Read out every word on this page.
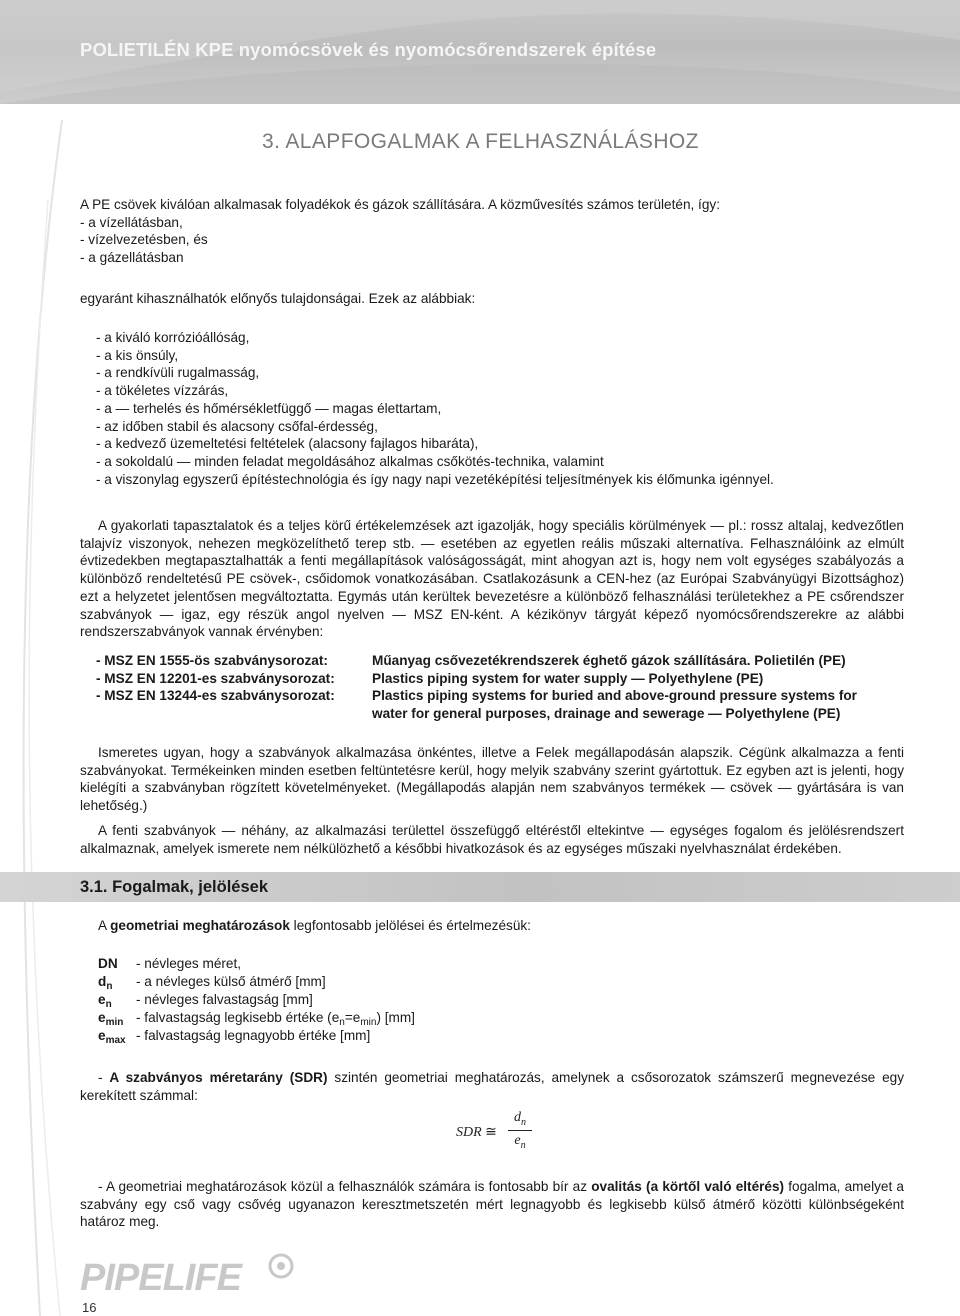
POLIETILÉN KPE nyomócsövek és nyomócsőrendszerek építése
3. ALAPFOGALMAK A FELHASZNÁLÁSHOZ
A PE csövek kiválóan alkalmasak folyadékok és gázok szállítására. A közművesítés számos területén, így:
- a vízellátásban,
- vízelvezetésben, és
- a gázellátásban
egyaránt kihasználhatók előnyős tulajdonságai. Ezek az alábbiak:
- a kiváló korrózióállóság,
- a kis önsúly,
- a rendkívüli rugalmasság,
- a tökéletes vízzárás,
- a — terhelés és hőmérsékletfüggő — magas élettartam,
- az időben stabil és alacsony csőfal-érdesség,
- a kedvező üzemeltetési feltételek (alacsony fajlagos hibaráta),
- a sokoldalú — minden feladat megoldásához alkalmas csőkötés-technika, valamint
- a viszonylag egyszerű építéstechnológia és így nagy napi vezetéképítési teljesítmények kis élőmunka igénnyel.
A gyakorlati tapasztalatok és a teljes körű értékelemzések azt igazolják, hogy speciális körülmények — pl.: rossz altalaj, kedvezőtlen talajvíz viszonyok, nehezen megközelíthető terep stb. — esetében az egyetlen reális műszaki alternatíva. Felhasználóink az elmúlt évtizedekben megtapasztalhatták a fenti megállapítások valóságosságát, mint ahogyan azt is, hogy nem volt egységes szabályozás a különböző rendeltetésű PE csövek-, csőidomok vonatkozásában. Csatlakozásunk a CEN-hez (az Európai Szabványügyi Bizottsághoz) ezt a helyzetet jelentősen megváltoztatta. Egymás után kerültek bevezetésre a különböző felhasználási területekhez a PE csőrendszer szabványok — igaz, egy részük angol nyelven — MSZ EN-ként. A kézikönyv tárgyát képező nyomócsőrendszerekre az alábbi rendszerszabványok vannak érvényben:
- MSZ EN 1555-ös szabványsorozat:	Műanyag csővezetékrendszerek éghető gázok szállítására. Polietilén (PE)
- MSZ EN 12201-es szabványsorozat:	Plastics piping system for water supply — Polyethylene (PE)
- MSZ EN 13244-es szabványsorozat:	Plastics piping systems for buried and above-ground pressure systems for water for general purposes, drainage and sewerage — Polyethylene (PE)
Ismeretes ugyan, hogy a szabványok alkalmazása önkéntes, illetve a Felek megállapodásán alapszik. Cégünk alkalmazza a fenti szabványokat. Termékeinken minden esetben feltüntetésre kerül, hogy melyik szabvány szerint gyártottuk. Ez egyben azt is jelenti, hogy kielégíti a szabványban rögzített követelményeket. (Megállapodás alapján nem szabványos termékek — csövek — gyártására is van lehetőség.)
A fenti szabványok — néhány, az alkalmazási területtel összefüggő eltéréstől eltekintve — egységes fogalom és jelölésrendszert alkalmaznak, amelyek ismerete nem nélkülözhető a későbbi hivatkozások és az egységes műszaki nyelvhasználat érdekében.
3.1. Fogalmak, jelölések
A geometriai meghatározások legfontosabb jelölései és értelmezésük:
DN	- névleges méret,
$d_n$	- a névleges külső átmérő [mm]
$e_n$	- névleges falvastagság [mm]
$e_{min}$ - falvastagság legkisebb értéke $(e_n=e_{min})$ [mm]
$e_{max}$ - falvastagság legnagyobb értéke [mm]
- A szabványos méretarány (SDR) szintén geometriai meghatározás, amelynek a csősorozatok számszerű megnevezése egy kerekített számmal:
SDR ≅
$d_n$
$e_n$
- A geometriai meghatározások közül a felhasználók számára is fontosabb bír az ovalitás (a körtől való eltérés) fogalma, amelyet a szabvány egy cső vagy csővég ugyanazon keresztmetszetén mért legnagyobb és legkisebb külső átmérő közötti különbségeként határoz meg.
PIPELIFE
16
